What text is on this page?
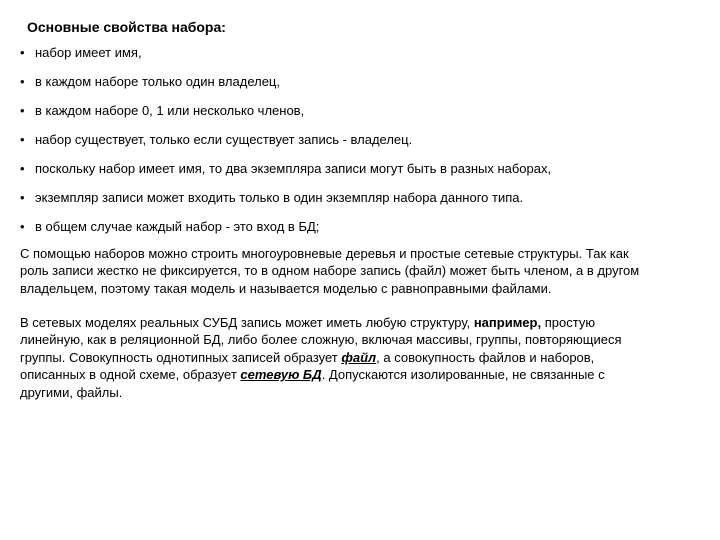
Основные свойства набора:
• набор имеет имя,
• в каждом наборе только один владелец,
• в каждом наборе 0, 1 или несколько членов,
• набор существует, только если существует запись - владелец.
• поскольку набор имеет имя, то два экземпляра записи могут быть в разных наборах,
• экземпляр записи может входить только в один экземпляр набора данного типа.
• в общем случае каждый набор - это вход в БД;

С помощью наборов можно строить многоуровневые деревья и простые сетевые структуры. Так как
роль записи жестко не фиксируется, то в одном наборе запись (файл) может быть членом, а в другом
владельцем, поэтому такая модель и называется моделью с равноправными файлами.

В сетевых моделях реальных СУБД запись может иметь любую структуру, например, простую
линейную, как в реляционной БД, либо более сложную, включая массивы, группы, повторяющиеся
группы. Совокупность однотипных записей образует файл, а совокупность файлов и наборов,
описанных в одной схеме, образует сетевую БД. Допускаются изолированные, не связанные с
другими, файлы.
